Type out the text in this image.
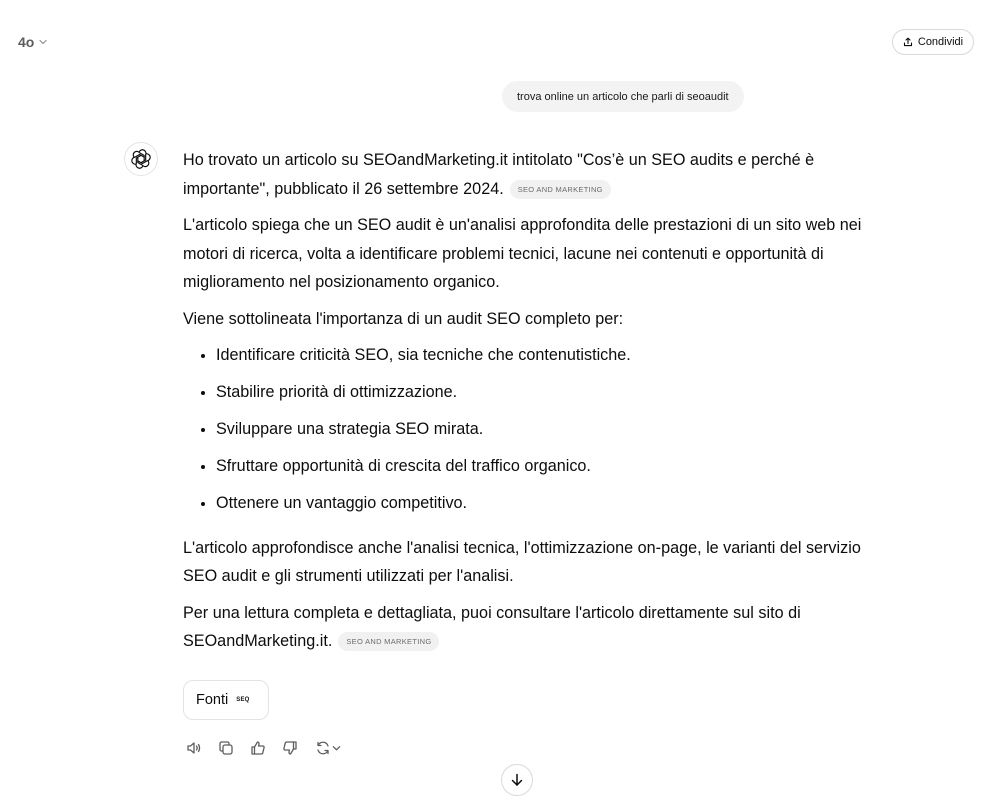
4o	Condividi
trova online un articolo che parli di seoaudit

Ho trovato un articolo su SEOandMarketing.it intitolato "Cos’è un SEO audits e perché è importante", pubblicato il 26 settembre 2024. SEO AND MARKETING

L'articolo spiega che un SEO audit è un'analisi approfondita delle prestazioni di un sito web nei motori di ricerca, volta a identificare problemi tecnici, lacune nei contenuti e opportunità di miglioramento nel posizionamento organico.

Viene sottolineata l'importanza di un audit SEO completo per:

• Identificare criticità SEO, sia tecniche che contenutistiche.
• Stabilire priorità di ottimizzazione.
• Sviluppare una strategia SEO mirata.
• Sfruttare opportunità di crescita del traffico organico.
• Ottenere un vantaggio competitivo.

L'articolo approfondisce anche l'analisi tecnica, l'ottimizzazione on-page, le varianti del servizio SEO audit e gli strumenti utilizzati per l'analisi.

Per una lettura completa e dettagliata, puoi consultare l'articolo direttamente sul sito di SEOandMarketing.it. SEO AND MARKETING

Fonti SEQ
